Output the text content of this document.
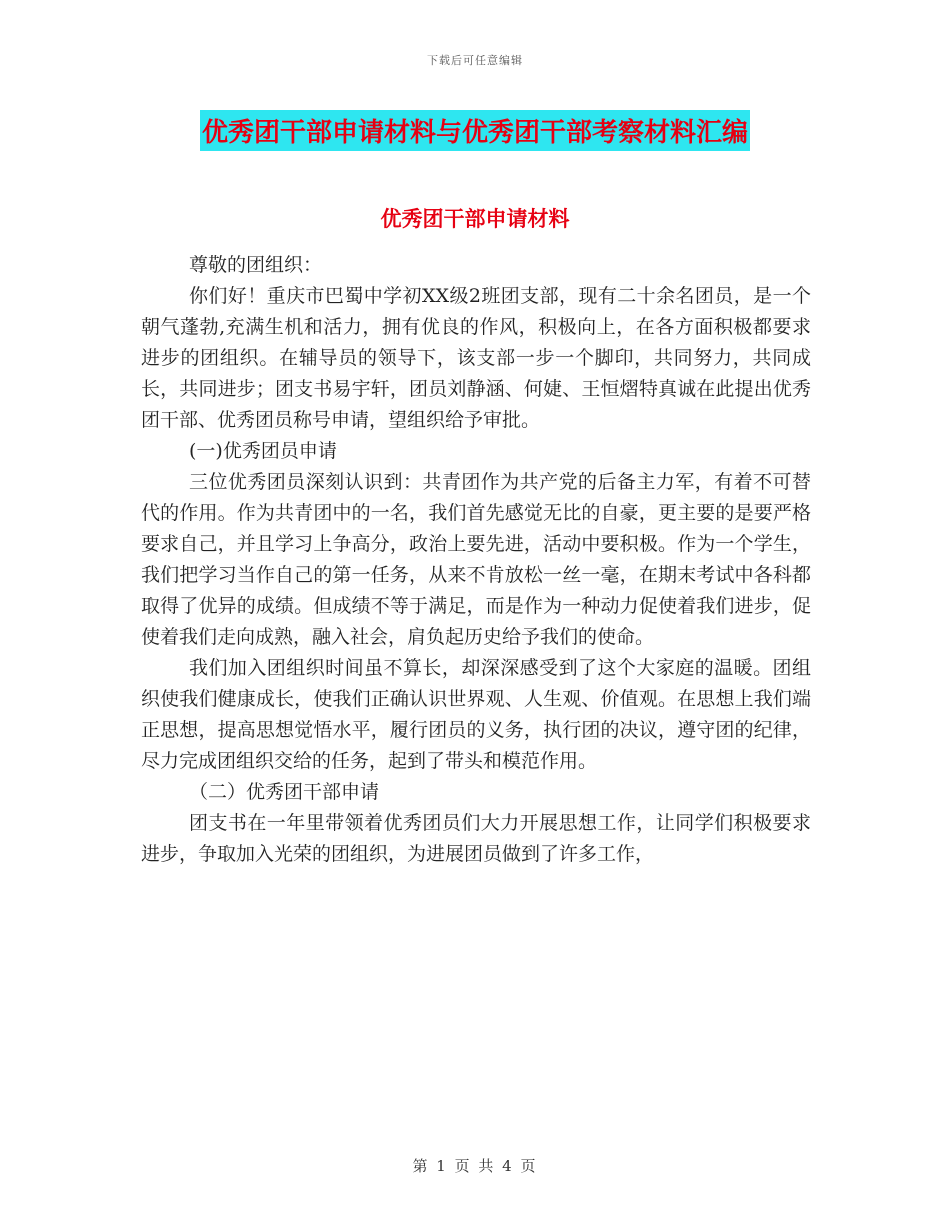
下载后可任意编辑
优秀团干部申请材料与优秀团干部考察材料汇编
优秀团干部申请材料

尊敬的团组织：

你们好！重庆市巴蜀中学初XX级2班团支部，现有二十余名团员，是一个朝气蓬勃,充满生机和活力，拥有优良的作风，积极向上，在各方面积极都要求进步的团组织。在辅导员的领导下，该支部一步一个脚印，共同努力，共同成长，共同进步；团支书易宇轩，团员刘静涵、何婕、王恒熠特真诚在此提出优秀团干部、优秀团员称号申请，望组织给予审批。

(一)优秀团员申请

三位优秀团员深刻认识到：共青团作为共产党的后备主力军，有着不可替代的作用。作为共青团中的一名，我们首先感觉无比的自豪，更主要的是要严格要求自己，并且学习上争高分，政治上要先进，活动中要积极。作为一个学生，我们把学习当作自己的第一任务，从来不肯放松一丝一毫，在期末考试中各科都取得了优异的成绩。但成绩不等于满足，而是作为一种动力促使着我们进步，促使着我们走向成熟，融入社会，肩负起历史给予我们的使命。

我们加入团组织时间虽不算长，却深深感受到了这个大家庭的温暖。团组织使我们健康成长，使我们正确认识世界观、人生观、价值观。在思想上我们端正思想，提高思想觉悟水平，履行团员的义务，执行团的决议，遵守团的纪律，尽力完成团组织交给的任务，起到了带头和模范作用。

（二）优秀团干部申请

团支书在一年里带领着优秀团员们大力开展思想工作，让同学们积极要求进步，争取加入光荣的团组织，为进展团员做到了许多工作，

第 1 页 共 4 页
